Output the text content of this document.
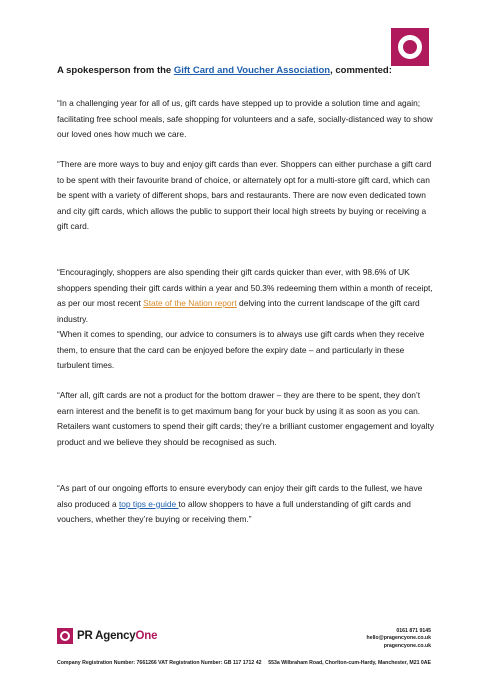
A spokesperson from the Gift Card and Voucher Association, commented:

“In a challenging year for all of us, gift cards have stepped up to provide a solution time and again; facilitating free school meals, safe shopping for volunteers and a safe, socially-distanced way to show our loved ones how much we care.

“There are more ways to buy and enjoy gift cards than ever. Shoppers can either purchase a gift card to be spent with their favourite brand of choice, or alternately opt for a multi-store gift card, which can be spent with a variety of different shops, bars and restaurants. There are now even dedicated town and city gift cards, which allows the public to support their local high streets by buying or receiving a gift card.

“Encouragingly, shoppers are also spending their gift cards quicker than ever, with 98.6% of UK shoppers spending their gift cards within a year and 50.3% redeeming them within a month of receipt, as per our most recent State of the Nation report delving into the current landscape of the gift card industry.

“When it comes to spending, our advice to consumers is to always use gift cards when they receive them, to ensure that the card can be enjoyed before the expiry date – and particularly in these turbulent times.

“After all, gift cards are not a product for the bottom drawer – they are there to be spent, they don’t earn interest and the benefit is to get maximum bang for your buck by using it as soon as you can. Retailers want customers to spend their gift cards; they’re a brilliant customer engagement and loyalty product and we believe they should be recognised as such.

“As part of our ongoing efforts to ensure everybody can enjoy their gift cards to the fullest, we have also produced a top tips e-guide to allow shoppers to have a full understanding of gift cards and vouchers, whether they’re buying or receiving them.”

PR AgencyOne	0161 871 9145
hello@pragencyone.co.uk
pragencyone.co.uk
Company Registration Number: 7661266 VAT Registration Number: GB 117 1712 42 553a Wilbraham Road, Chorlton-cum-Hardy, Manchester, M21 0AE
